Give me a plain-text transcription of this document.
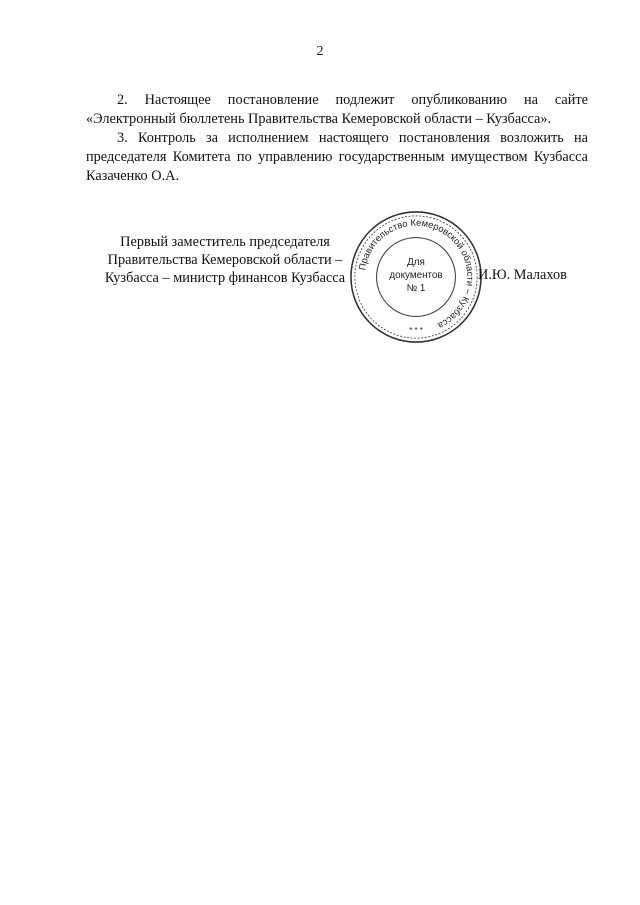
2

2. Настоящее постановление подлежит опубликованию на сайте «Электронный бюллетень Правительства Кемеровской области – Кузбасса».

3. Контроль за исполнением настоящего постановления возложить на председателя Комитета по управлению государственным имуществом Кузбасса Казаченко О.А.

Первый заместитель председателя
Правительства Кемеровской области –
Кузбасса – министр финансов Кузбасса
Правительство Кемеровской области – Кузбасса
Для
документов
№ 1
* * *
И.Ю. Малахов
